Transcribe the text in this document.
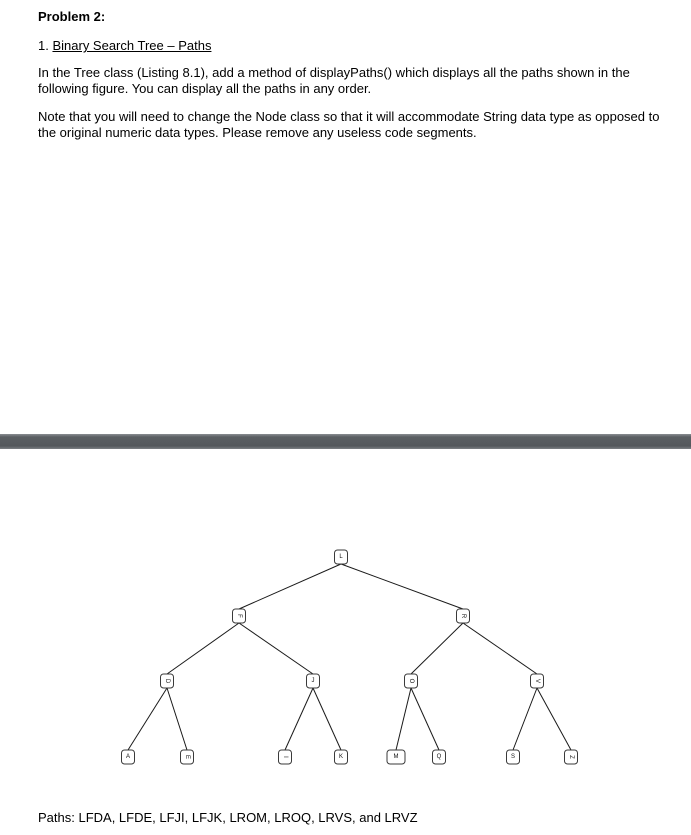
Problem 2:
1. Binary Search Tree – Paths
In the Tree class (Listing 8.1), add a method of displayPaths() which displays all the paths shown in the following figure. You can display all the paths in any order.
Note that you will need to change the Node class so that it will accommodate String data type as opposed to the original numeric data types. Please remove any useless code segments.
L
F	R
D	J	O	V
A	E	I	K	M	Q	S	Z
Paths: LFDA, LFDE, LFJI, LFJK, LROM, LROQ, LRVS, and LRVZ
